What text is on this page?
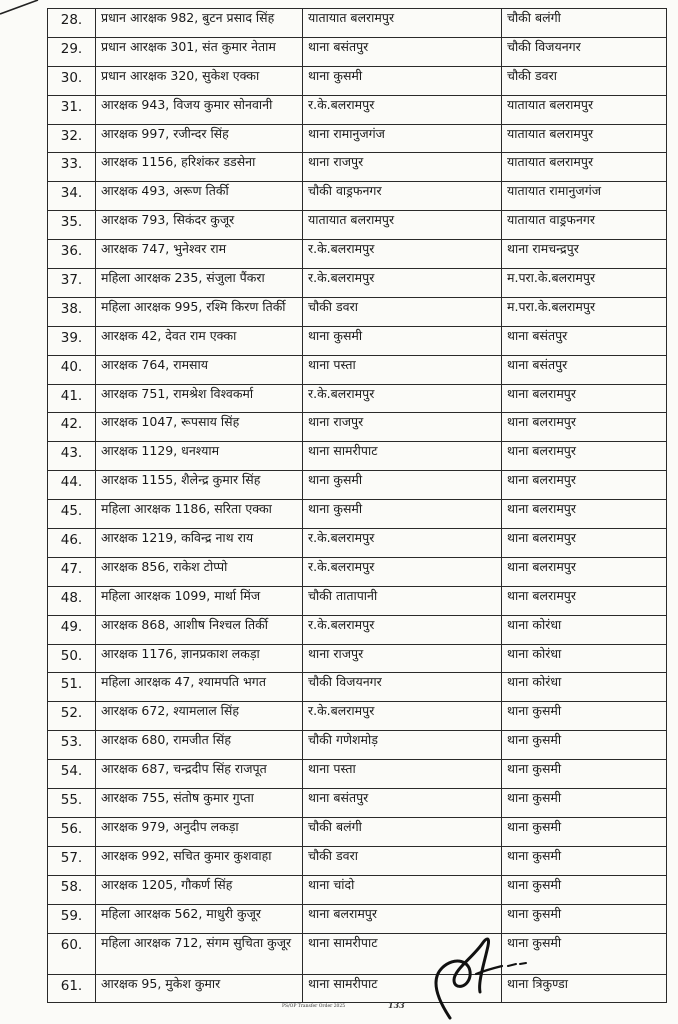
28.	प्रधान आरक्षक 982, बुटन प्रसाद सिंह	यातायात बलरामपुर	चौकी बलंगी
29.	प्रधान आरक्षक 301, संत कुमार नेताम	थाना बसंतपुर	चौकी विजयनगर
30.	प्रधान आरक्षक 320, सुकेश एक्का	थाना कुसमी	चौकी डवरा
31.	आरक्षक 943, विजय कुमार सोनवानी	र.के.बलरामपुर	यातायात बलरामपुर
32.	आरक्षक 997, रजीन्दर सिंह	थाना रामानुजगंज	यातायात बलरामपुर
33.	आरक्षक 1156, हरिशंकर डडसेना	थाना राजपुर	यातायात बलरामपुर
34.	आरक्षक 493, अरूण तिर्की	चौकी वाड्रफनगर	यातायात रामानुजगंज
35.	आरक्षक 793, सिकंदर कुजूर	यातायात बलरामपुर	यातायात वाड्रफनगर
36.	आरक्षक 747, भुनेश्वर राम	र.के.बलरामपुर	थाना रामचन्द्रपुर
37.	महिला आरक्षक 235, संजुला पैंकरा	र.के.बलरामपुर	म.परा.के.बलरामपुर
38.	महिला आरक्षक 995, रश्मि किरण तिर्की	चौकी डवरा	म.परा.के.बलरामपुर
39.	आरक्षक 42, देवत राम एक्का	थाना कुसमी	थाना बसंतपुर
40.	आरक्षक 764, रामसाय	थाना पस्ता	थाना बसंतपुर
41.	आरक्षक 751, रामश्रेश विश्वकर्मा	र.के.बलरामपुर	थाना बलरामपुर
42.	आरक्षक 1047, रूपसाय सिंह	थाना राजपुर	थाना बलरामपुर
43.	आरक्षक 1129, धनश्याम	थाना सामरीपाट	थाना बलरामपुर
44.	आरक्षक 1155, शैलेन्द्र कुमार सिंह	थाना कुसमी	थाना बलरामपुर
45.	महिला आरक्षक 1186, सरिता एक्का	थाना कुसमी	थाना बलरामपुर
46.	आरक्षक 1219, कविन्द्र नाथ राय	र.के.बलरामपुर	थाना बलरामपुर
47.	आरक्षक 856, राकेश टोप्पो	र.के.बलरामपुर	थाना बलरामपुर
48.	महिला आरक्षक 1099, मार्था मिंज	चौकी तातापानी	थाना बलरामपुर
49.	आरक्षक 868, आशीष निश्चल तिर्की	र.के.बलरामपुर	थाना कोरंधा
50.	आरक्षक 1176, ज्ञानप्रकाश लकड़ा	थाना राजपुर	थाना कोरंधा
51.	महिला आरक्षक 47, श्यामपति भगत	चौकी विजयनगर	थाना कोरंधा
52.	आरक्षक 672, श्यामलाल सिंह	र.के.बलरामपुर	थाना कुसमी
53.	आरक्षक 680, रामजीत सिंह	चौकी गणेशमोड़	थाना कुसमी
54.	आरक्षक 687, चन्द्रदीप सिंह राजपूत	थाना पस्ता	थाना कुसमी
55.	आरक्षक 755, संतोष कुमार गुप्ता	थाना बसंतपुर	थाना कुसमी
56.	आरक्षक 979, अनुदीप लकड़ा	चौकी बलंगी	थाना कुसमी
57.	आरक्षक 992, सचित कुमार कुशवाहा	चौकी डवरा	थाना कुसमी
58.	आरक्षक 1205, गौकर्ण सिंह	थाना चांदो	थाना कुसमी
59.	महिला आरक्षक 562, माधुरी कुजूर	थाना बलरामपुर	थाना कुसमी
60.	महिला आरक्षक 712, संगम सुचिता कुजूर	थाना सामरीपाट	थाना कुसमी
61.	आरक्षक 95, मुकेश कुमार	थाना सामरीपाट	थाना त्रिकुण्डा
PS/OP Transfer Order 2025	133
